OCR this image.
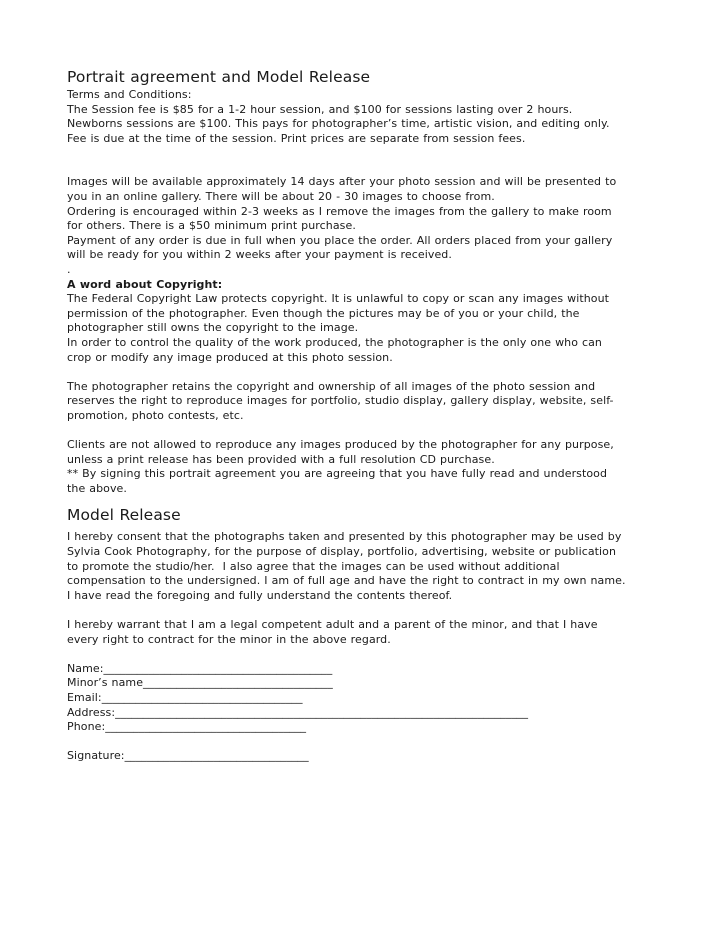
Portrait agreement and Model Release

Terms and Conditions:

The Session fee is $85 for a 1-2 hour session, and $100 for sessions lasting over 2 hours.

Newborns sessions are $100. This pays for photographer’s time, artistic vision, and editing only.

Fee is due at the time of the session. Print prices are separate from session fees.

Images will be available approximately 14 days after your photo session and will be presented to

you in an online gallery. There will be about 20 - 30 images to choose from.

Ordering is encouraged within 2-3 weeks as I remove the images from the gallery to make room

for others. There is a $50 minimum print purchase.

Payment of any order is due in full when you place the order. All orders placed from your gallery

will be ready for you within 2 weeks after your payment is received.

.

A word about Copyright:

The Federal Copyright Law protects copyright. It is unlawful to copy or scan any images without

permission of the photographer. Even though the pictures may be of you or your child, the

photographer still owns the copyright to the image.

In order to control the quality of the work produced, the photographer is the only one who can

crop or modify any image produced at this photo session.

The photographer retains the copyright and ownership of all images of the photo session and

reserves the right to reproduce images for portfolio, studio display, gallery display, website, self-

promotion, photo contests, etc.

Clients are not allowed to reproduce any images produced by the photographer for any purpose,

unless a print release has been provided with a full resolution CD purchase.

** By signing this portrait agreement you are agreeing that you have fully read and understood

the above.

Model Release

I hereby consent that the photographs taken and presented by this photographer may be used by

Sylvia Cook Photography, for the purpose of display, portfolio, advertising, website or publication

to promote the studio/her.  I also agree that the images can be used without additional

compensation to the undersigned. I am of full age and have the right to contract in my own name.

I have read the foregoing and fully understand the contents thereof.

I hereby warrant that I am a legal competent adult and a parent of the minor, and that I have

every right to contract for the minor in the above regard.

Name:_________________________________________

Minor’s name__________________________________

Email:____________________________________

Address:__________________________________________________________________________

Phone:____________________________________

Signature:_________________________________
